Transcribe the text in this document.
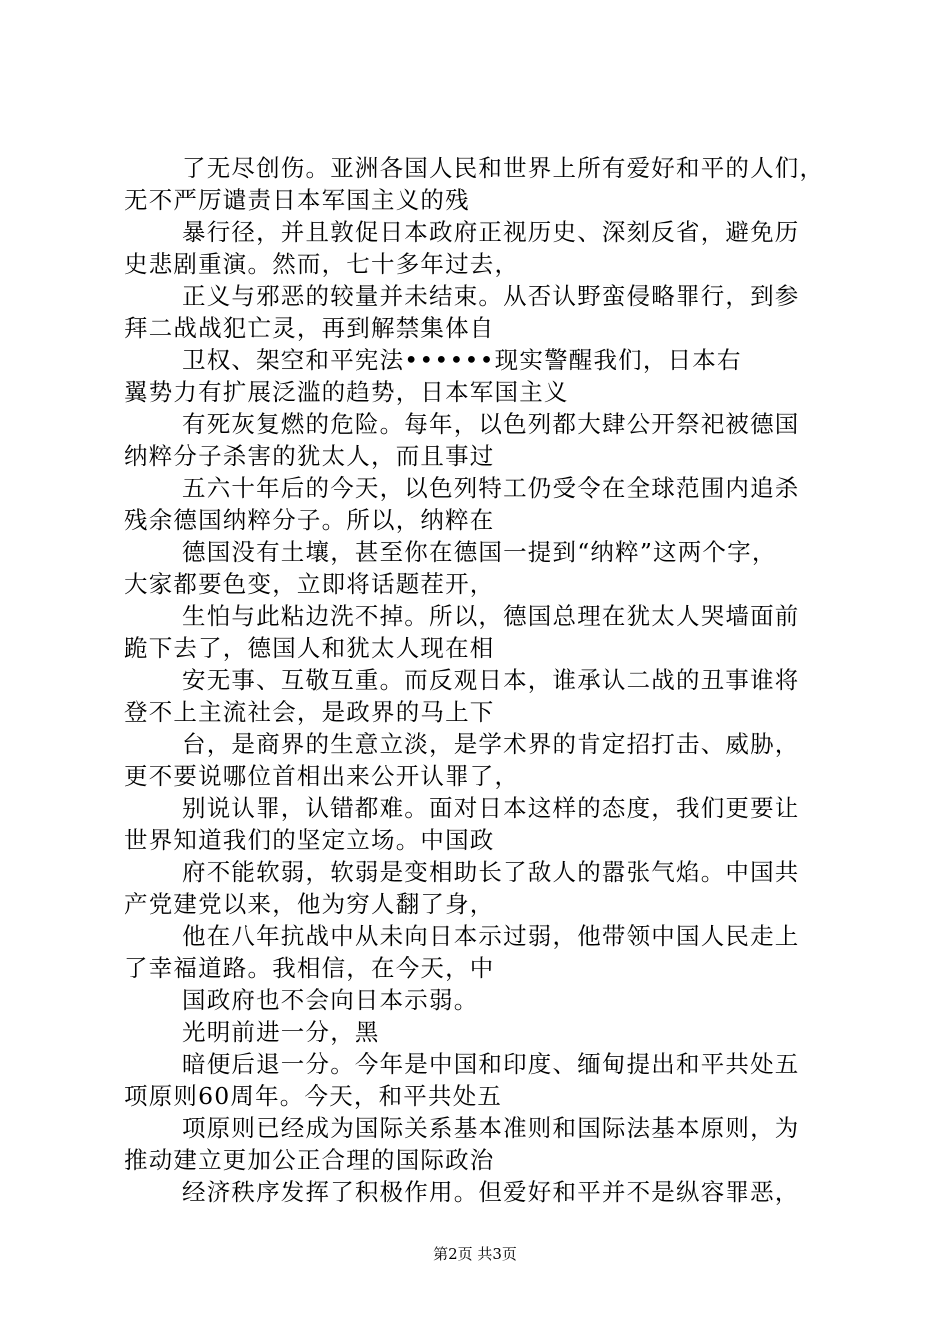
了无尽创伤。亚洲各国人民和世界上所有爱好和平的人们，
无不严厉谴责日本军国主义的残

暴行径，并且敦促日本政府正视历史、深刻反省，避免历
史悲剧重演。然而，七十多年过去，

正义与邪恶的较量并未结束。从否认野蛮侵略罪行，到参
拜二战战犯亡灵，再到解禁集体自

卫权、架空和平宪法••••••现实警醒我们，日本右
翼势力有扩展泛滥的趋势，日本军国主义

有死灰复燃的危险。每年，以色列都大肆公开祭祀被德国
纳粹分子杀害的犹太人，而且事过

五六十年后的今天，以色列特工仍受令在全球范围内追杀
残余德国纳粹分子。所以，纳粹在

德国没有土壤，甚至你在德国一提到“纳粹”这两个字，
大家都要色变，立即将话题茬开，

生怕与此粘边洗不掉。所以，德国总理在犹太人哭墙面前
跪下去了，德国人和犹太人现在相

安无事、互敬互重。而反观日本，谁承认二战的丑事谁将
登不上主流社会，是政界的马上下

台，是商界的生意立淡，是学术界的肯定招打击、威胁，
更不要说哪位首相出来公开认罪了，

别说认罪，认错都难。面对日本这样的态度，我们更要让
世界知道我们的坚定立场。中国政

府不能软弱，软弱是变相助长了敌人的嚣张气焰。中国共
产党建党以来，他为穷人翻了身，

他在八年抗战中从未向日本示过弱，他带领中国人民走上
了幸福道路。我相信，在今天，中

国政府也不会向日本示弱。

光明前进一分，黑

暗便后退一分。今年是中国和印度、缅甸提出和平共处五
项原则60周年。今天，和平共处五

项原则已经成为国际关系基本准则和国际法基本原则，为
推动建立更加公正合理的国际政治

经济秩序发挥了积极作用。但爱好和平并不是纵容罪恶，

第2页 共3页
